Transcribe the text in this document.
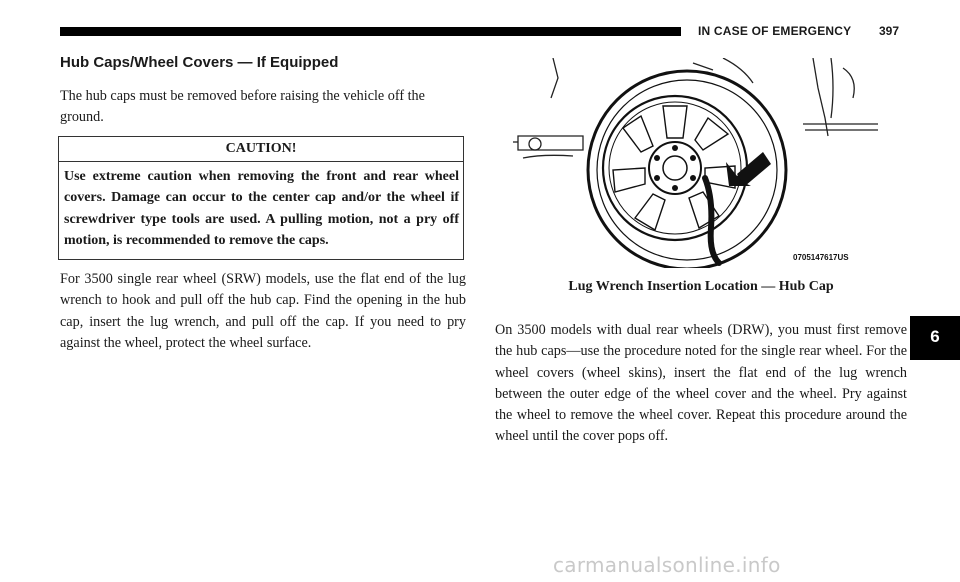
IN CASE OF EMERGENCY 397
Hub Caps/Wheel Covers — If Equipped

The hub caps must be removed before raising the vehicle off the ground.

CAUTION!
Use extreme caution when removing the front and rear wheel covers. Damage can occur to the center cap and/or the wheel if screwdriver type tools are used. A pulling motion, not a pry off motion, is recommended to remove the caps.

For 3500 single rear wheel (SRW) models, use the flat end of the lug wrench to hook and pull off the hub cap. Find the opening in the hub cap, insert the lug wrench, and pull off the cap. If you need to pry against the wheel, protect the wheel surface.

0705147617US
Lug Wrench Insertion Location — Hub Cap

On 3500 models with dual rear wheels (DRW), you must first remove the hub caps—use the procedure noted for the single rear wheel. For the wheel covers (wheel skins), insert the flat end of the lug wrench between the outer edge of the wheel cover and the wheel. Pry against the wheel to remove the wheel cover. Repeat this procedure around the wheel until the cover pops off.

6
carmanualsonline.info
